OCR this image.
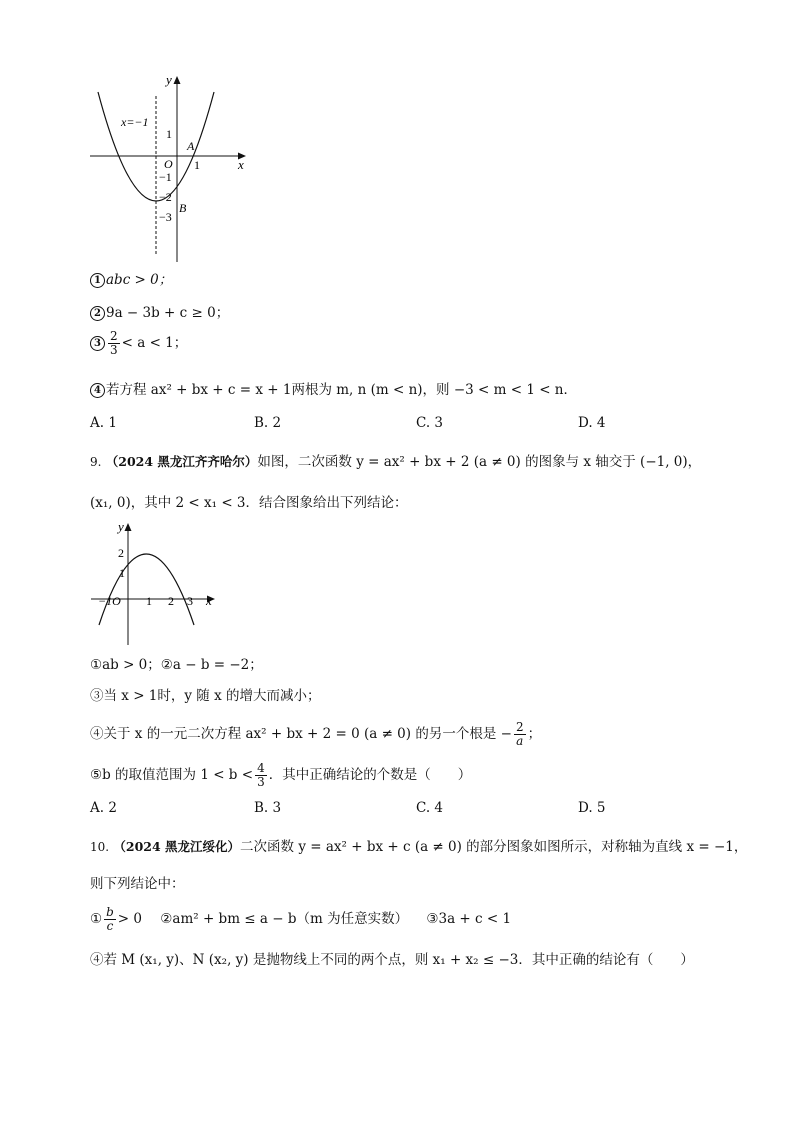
y
x
x=−1
1
O 1
−1
−2
−3
A
B
1 abc > 0；
2 9a − 3b + c ≥ 0；
$3 \frac{2}{3} < a < 1$；
4 若方程 ax² + bx + c = x + 1两根为 m, n (m < n)，则 −3 < m < 1 < n．
A. 1	B. 2	C. 3	D. 4
9. （2024 黑龙江齐齐哈尔）如图，二次函数 y = ax² + bx + 2 (a ≠ 0) 的图象与 x 轴交于 (−1, 0)，
(x₁, 0)，其中 2 < x₁ < 3．结合图象给出下列结论：
y
x
2
1
−1O 1 2 3
①ab > 0；②a − b = −2；
③当 x > 1时，y 随 x 的增大而减小；
④关于 x 的一元二次方程 ax² + bx + 2 = 0 (a ≠ 0) 的另一个根是 − $\frac{2}{a}$ ；
⑤b 的取值范围为 $1 < b < \frac{4}{3}$ ．其中正确结论的个数是（　　）
A. 2	B. 3	C. 4	D. 5
10. （2024 黑龙江绥化）二次函数 y = ax² + bx + c (a ≠ 0) 的部分图象如图所示，对称轴为直线 x = −1，
则下列结论中：
① $\frac{b}{c} > 0$ ②am² + bm ≤ a − b（m 为任意实数） ③3a + c < 1
④若 M (x₁, y)、N (x₂, y) 是抛物线上不同的两个点，则 x₁ + x₂ ≤ −3．其中正确的结论有（　　）
